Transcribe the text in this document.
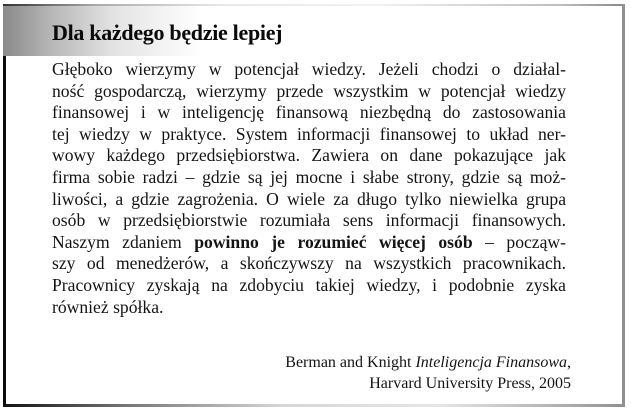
Dla każdego będzie lepiej
Głęboko wierzymy w potencjał wiedzy. Jeżeli chodzi o działal-
ność gospodarczą, wierzymy przede wszystkim w potencjał wiedzy
finansowej i w inteligencję finansową niezbędną do zastosowania
tej wiedzy w praktyce. System informacji finansowej to układ ner-
wowy każdego przedsiębiorstwa. Zawiera on dane pokazujące jak
firma sobie radzi – gdzie są jej mocne i słabe strony, gdzie są moż-
liwości, a gdzie zagrożenia. O wiele za długo tylko niewielka grupa
osób w przedsiębiorstwie rozumiała sens informacji finansowych.
Naszym zdaniem powinno je rozumieć więcej osób – począw-
szy od menedżerów, a skończywszy na wszystkich pracownikach.
Pracownicy zyskają na zdobyciu takiej wiedzy, i podobnie zyska
również spółka.
Berman and Knight Inteligencja Finansowa,
Harvard University Press, 2005
